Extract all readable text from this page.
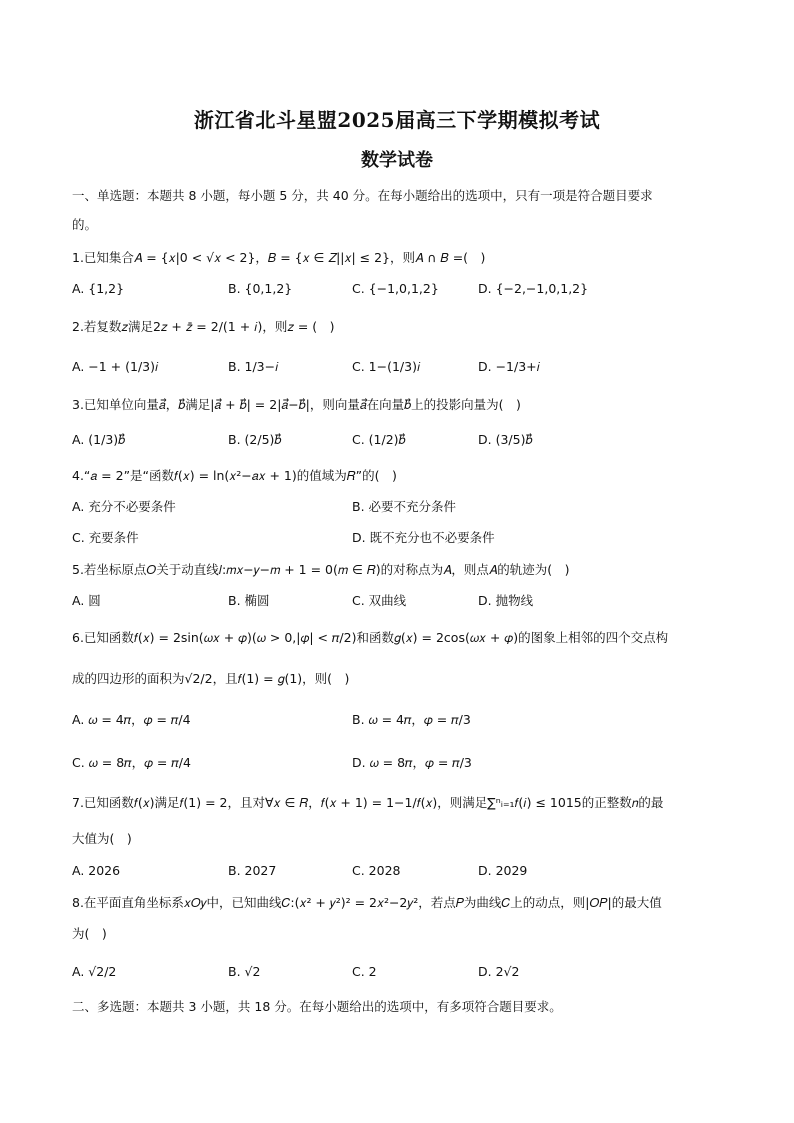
浙江省北斗星盟2025届高三下学期模拟考试
数学试卷
一、单选题：本题共 8 小题，每小题 5 分，共 40 分。在每小题给出的选项中，只有一项是符合题目要求
的。
1.已知集合𝐴 = {𝑥|0 < √𝑥 < 2}，𝐵 = {𝑥 ∈ 𝑍||𝑥| ≤ 2}，则𝐴 ∩ 𝐵 =(　)
A. {1,2}	B. {0,1,2}	C. {−1,0,1,2}	D. {−2,−1,0,1,2}
2.若复数𝑧满足2𝑧 + 𝑧̄ = 2/(1 + 𝑖)，则𝑧 = (　)
A. −1 + (1/3)𝑖	B. 1/3−𝑖	C. 1−(1/3)𝑖	D. −1/3+𝑖
3.已知单位向量𝑎⃗，𝑏⃗满足|𝑎⃗ + 𝑏⃗| = 2|𝑎⃗−𝑏⃗|，则向量𝑎⃗在向量𝑏⃗上的投影向量为(　)
A. (1/3)𝑏⃗	B. (2/5)𝑏⃗	C. (1/2)𝑏⃗	D. (3/5)𝑏⃗
4.“𝑎 = 2”是“函数𝑓(𝑥) = ln(𝑥²−𝑎𝑥 + 1)的值域为𝑅”的(　)
A. 充分不必要条件	B. 必要不充分条件
C. 充要条件	D. 既不充分也不必要条件
5.若坐标原点𝑂关于动直线𝑙:𝑚𝑥−𝑦−𝑚 + 1 = 0(𝑚 ∈ 𝑅)的对称点为𝐴，则点𝐴的轨迹为(　)
A. 圆	B. 椭圆	C. 双曲线	D. 抛物线
6.已知函数𝑓(𝑥) = 2sin(𝜔𝑥 + 𝜑)(𝜔 > 0,|𝜑| < 𝜋/2)和函数𝑔(𝑥) = 2cos(𝜔𝑥 + 𝜑)的图象上相邻的四个交点构
成的四边形的面积为√2/2，且𝑓(1) = 𝑔(1)，则(　)
A. 𝜔 = 4𝜋，𝜑 = 𝜋/4	B. 𝜔 = 4𝜋，𝜑 = 𝜋/3
C. 𝜔 = 8𝜋，𝜑 = 𝜋/4	D. 𝜔 = 8𝜋，𝜑 = 𝜋/3
7.已知函数𝑓(𝑥)满足𝑓(1) = 2，且对∀𝑥 ∈ 𝑅，𝑓(𝑥 + 1) = 1−1/𝑓(𝑥)，则满足∑ⁿᵢ₌₁𝑓(𝑖) ≤ 1015的正整数𝑛的最
大值为(　)
A. 2026	B. 2027	C. 2028	D. 2029
8.在平面直角坐标系𝑥𝑂𝑦中，已知曲线𝐶:(𝑥² + 𝑦²)² = 2𝑥²−2𝑦²，若点𝑃为曲线𝐶上的动点，则|𝑂𝑃|的最大值
为(　)
A. √2/2	B. √2	C. 2	D. 2√2
二、多选题：本题共 3 小题，共 18 分。在每小题给出的选项中，有多项符合题目要求。
